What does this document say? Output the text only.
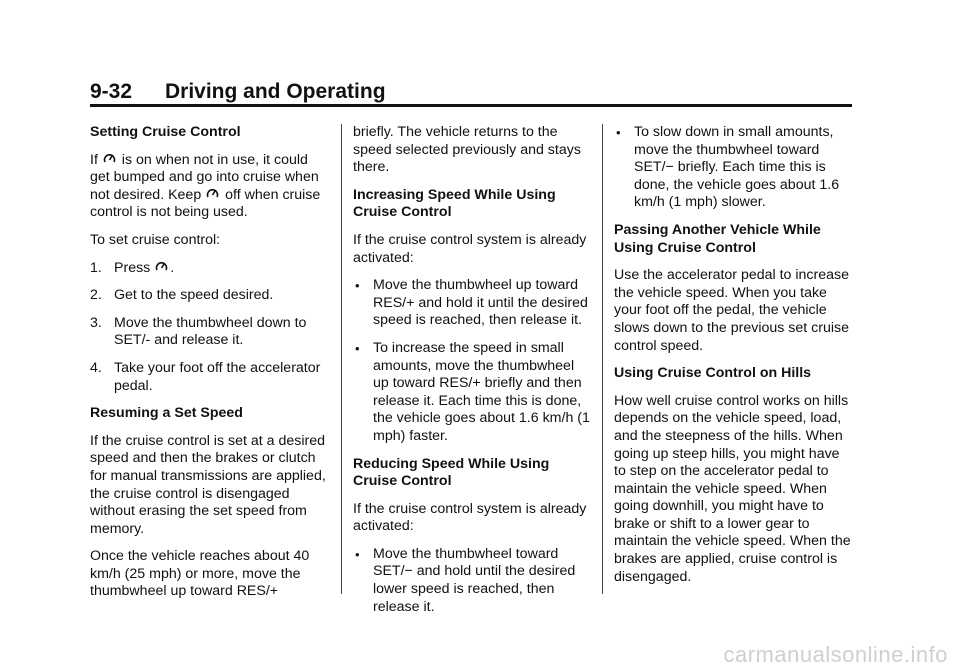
9-32 Driving and Operating
Setting Cruise Control
If is on when not in use, it could get bumped and go into cruise when not desired. Keep off when cruise control is not being used.
To set cruise control:
1. Press .
2. Get to the speed desired.
3. Move the thumbwheel down to SET/- and release it.
4. Take your foot off the accelerator pedal.
Resuming a Set Speed
If the cruise control is set at a desired speed and then the brakes or clutch for manual transmissions are applied, the cruise control is disengaged without erasing the set speed from memory.
Once the vehicle reaches about 40 km/h (25 mph) or more, move the thumbwheel up toward RES/+
briefly. The vehicle returns to the speed selected previously and stays there.
Increasing Speed While Using Cruise Control
If the cruise control system is already activated:
• Move the thumbwheel up toward RES/+ and hold it until the desired speed is reached, then release it.
• To increase the speed in small amounts, move the thumbwheel up toward RES/+ briefly and then release it. Each time this is done, the vehicle goes about 1.6 km/h (1 mph) faster.
Reducing Speed While Using Cruise Control
If the cruise control system is already activated:
• Move the thumbwheel toward SET/− and hold until the desired lower speed is reached, then release it.
• To slow down in small amounts, move the thumbwheel toward SET/− briefly. Each time this is done, the vehicle goes about 1.6 km/h (1 mph) slower.
Passing Another Vehicle While Using Cruise Control
Use the accelerator pedal to increase the vehicle speed. When you take your foot off the pedal, the vehicle slows down to the previous set cruise control speed.
Using Cruise Control on Hills
How well cruise control works on hills depends on the vehicle speed, load, and the steepness of the hills. When going up steep hills, you might have to step on the accelerator pedal to maintain the vehicle speed. When going downhill, you might have to brake or shift to a lower gear to maintain the vehicle speed. When the brakes are applied, cruise control is disengaged.
carmanualsonline.info
